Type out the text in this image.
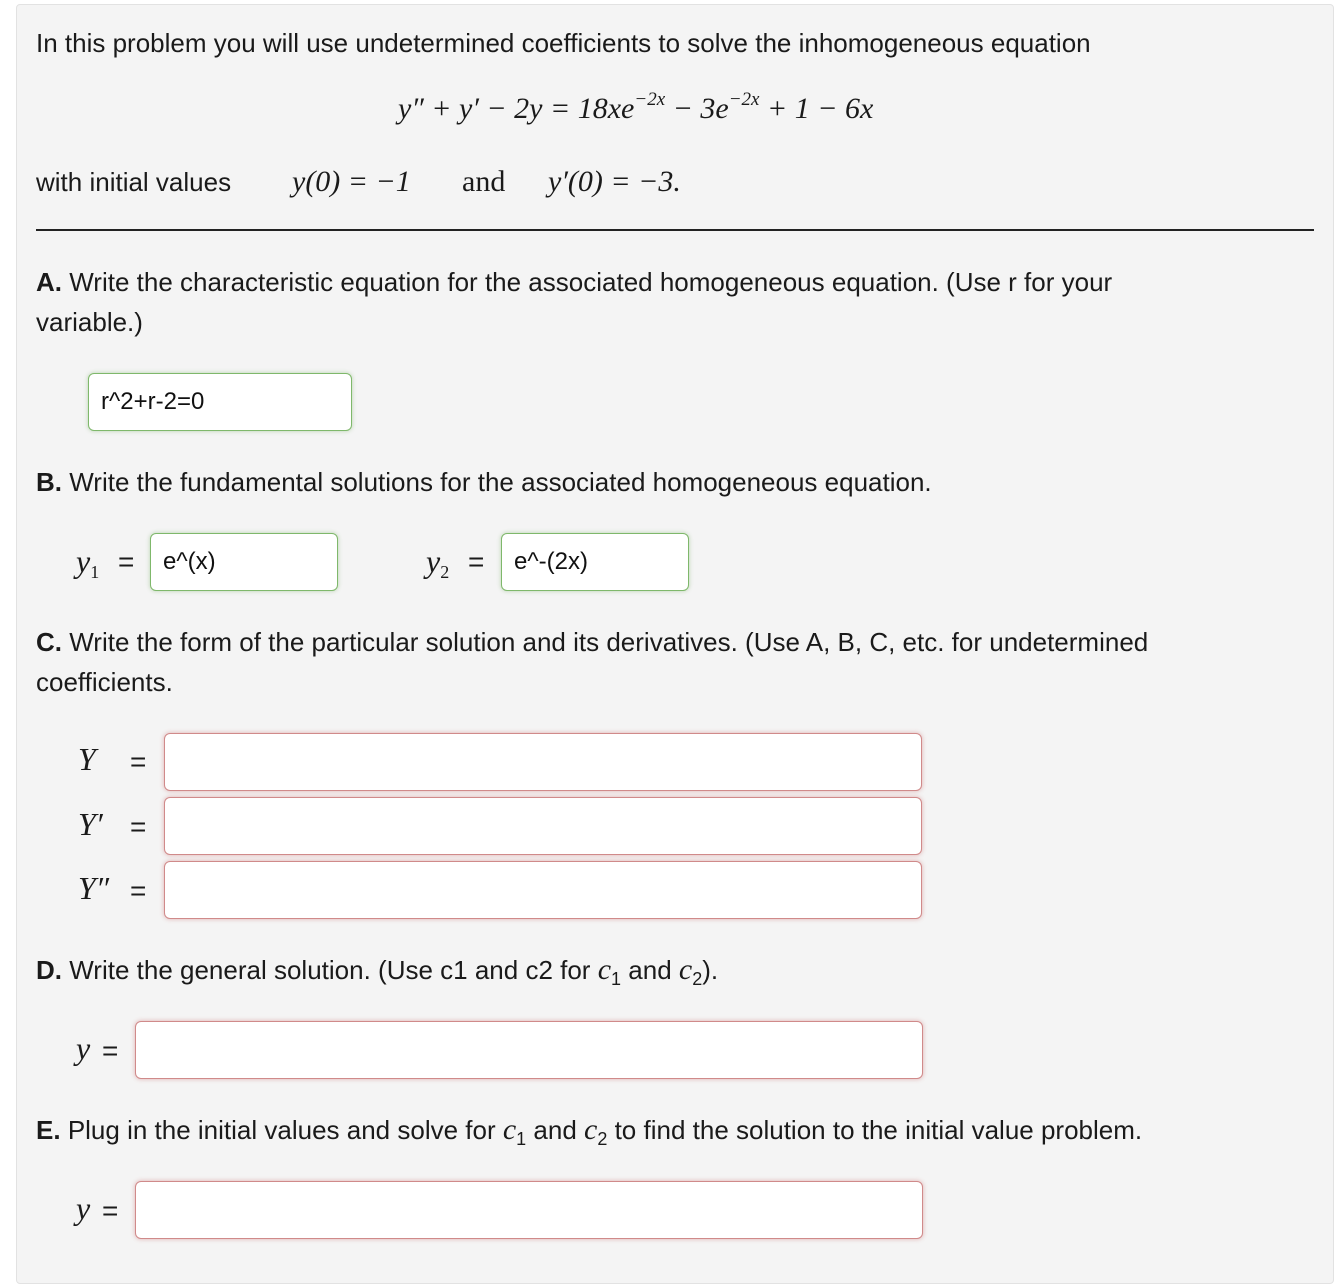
In this problem you will use undetermined coefficients to solve the inhomogeneous equation
$y'' + y' - 2y = 18xe^{-2x} - 3e^{-2x} + 1 - 6x$
with initial values y(0) = −1 and y′(0) = −3.
A. Write the characteristic equation for the associated homogeneous equation. (Use r for your
variable.)
r^2+r-2=0
B. Write the fundamental solutions for the associated homogeneous equation.
$y_1$ =
e^(x)	$y_2$ =
e^-(2x)
C. Write the form of the particular solution and its derivatives. (Use A, B, C, etc. for undetermined
coefficients.
Y =
Y′ =
Y″ =
D. Write the general solution. (Use c1 and c2 for $c_1$ and $c_2$).
y =
E. Plug in the initial values and solve for $c_1$ and $c_2$ to find the solution to the initial value problem.
y =
